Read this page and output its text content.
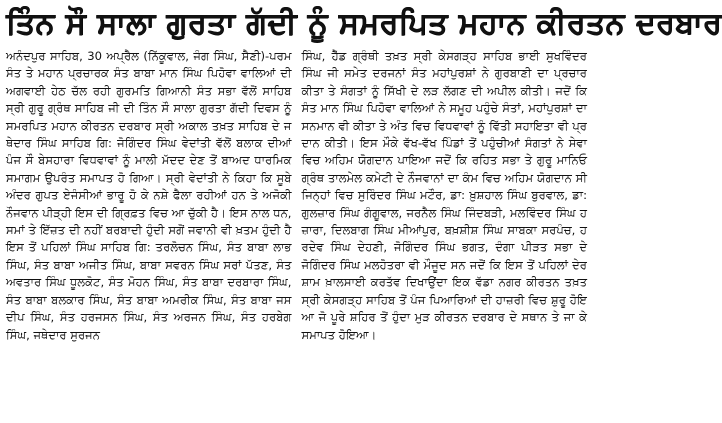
ਤਿੰਨ ਸੌ ਸਾਲਾ ਗੁਰਤਾ ਗੱਦੀ ਨੂੰ ਸਮਰਪਿਤ ਮਹਾਨ ਕੀਰਤਨ ਦਰਬਾਰ

ਅਨੰਦਪੁਰ ਸਾਹਿਬ, 30 ਅਪ੍ਰੈਲ (ਨਿੱਕੂਵਾਲ, ਜੰਗ ਸਿੰਘ, ਸੈਣੀ)-ਪਰਮ ਸੰਤ ਤੇ ਮਹਾਨ ਪ੍ਰਚਾਰਕ ਸੰਤ ਬਾਬਾ ਮਾਨ ਸਿੰਘ ਪਿਹੋਵਾ ਵਾਲਿਆਂ ਦੀ ਅਗਵਾਈ ਹੇਠ ਚੱਲ ਰਹੀ ਗੁਰਮਤਿ ਗਿਆਨੀ ਸੰਤ ਸਭਾ ਵੱਲੋਂ ਸਾਹਿਬ ਸ੍ਰੀ ਗੁਰੂ ਗ੍ਰੰਥ ਸਾਹਿਬ ਜੀ ਦੀ ਤਿੰਨ ਸੌ ਸਾਲਾ ਗੁਰਤਾ ਗੱਦੀ ਦਿਵਸ ਨੂੰ ਸਮਰਪਿਤ ਮਹਾਨ ਕੀਰਤਨ ਦਰਬਾਰ ਸ੍ਰੀ ਅਕਾਲ ਤਖ਼ਤ ਸਾਹਿਬ ਦੇ ਜਥੇਦਾਰ ਸਿੰਘ ਸਾਹਿਬ ਗਿ: ਜੋਗਿੰਦਰ ਸਿੰਘ ਵੇਦਾਂਤੀ ਵੱਲੋਂ ਬਲਾਕ ਦੀਆਂ ਪੰਜ ਸੌ ਬੇਸਹਾਰਾ ਵਿਧਵਾਵਾਂ ਨੂੰ ਮਾਲੀ ਮੱਦਦ ਦੇਣ ਤੋਂ ਬਾਅਦ ਧਾਰਮਿਕ ਸਮਾਗਮ ਉਪਰੰਤ ਸਮਾਪਤ ਹੋ ਗਿਆ। ਸ੍ਰੀ ਵੇਦਾਂਤੀ ਨੇ ਕਿਹਾ ਕਿ ਸੂਬੇ ਅੰਦਰ ਗੁਪਤ ਏਜੰਸੀਆਂ ਭਾਰੂ ਹੋ ਕੇ ਨਸ਼ੇ ਫੈਲਾ ਰਹੀਆਂ ਹਨ ਤੇ ਅਜੋਕੀ ਨੌਜਵਾਨ ਪੀੜ੍ਹੀ ਇਸ ਦੀ ਗ੍ਰਿਫ਼ਤ ਵਿਚ ਆ ਚੁੱਕੀ ਹੈ। ਇਸ ਨਾਲ ਧਨ, ਸਮਾਂ ਤੇ ਇੱਜ਼ਤ ਦੀ ਨਹੀਂ ਬਰਬਾਦੀ ਹੁੰਦੀ ਸਗੋਂ ਜਵਾਨੀ ਵੀ ਖ਼ਤਮ ਹੁੰਦੀ ਹੈ ਇਸ ਤੋਂ ਪਹਿਲਾਂ ਸਿੰਘ ਸਾਹਿਬ ਗਿ: ਤਰਲੋਚਨ ਸਿੰਘ, ਸੰਤ ਬਾਬਾ ਲਾਭ ਸਿੰਘ, ਸੰਤ ਬਾਬਾ ਅਜੀਤ ਸਿੰਘ, ਬਾਬਾ ਸਵਰਨ ਸਿੰਘ ਸਰਾਂ ਪੱਤਣ, ਸੰਤ ਅਵਤਾਰ ਸਿੰਘ ਧੂਲਕੋਟ, ਸੰਤ ਮੋਹਨ ਸਿੰਘ, ਸੰਤ ਬਾਬਾ ਦਰਬਾਰਾ ਸਿੰਘ, ਸੰਤ ਬਾਬਾ ਬਲਕਾਰ ਸਿੰਘ, ਸੰਤ ਬਾਬਾ ਅਮਰੀਕ ਸਿੰਘ, ਸੰਤ ਬਾਬਾ ਜਸਦੀਪ ਸਿੰਘ, ਸੰਤ ਹਰਜਸਨ ਸਿੰਘ, ਸੰਤ ਅਰਜਨ ਸਿੰਘ, ਸੰਤ ਹਰਬੇਗ ਸਿੰਘ, ਜਥੇਦਾਰ ਸੁਰਜਨ

ਸਿੰਘ, ਹੈੱਡ ਗ੍ਰੰਥੀ ਤਖ਼ਤ ਸ੍ਰੀ ਕੇਸਗੜ੍ਹ ਸਾਹਿਬ ਭਾਈ ਸੁਖਵਿੰਦਰ ਸਿੰਘ ਜੀ ਸਮੇਤ ਦਰਜਨਾਂ ਸੰਤ ਮਹਾਂਪੁਰਸ਼ਾਂ ਨੇ ਗੁਰਬਾਣੀ ਦਾ ਪ੍ਰਚਾਰ ਕੀਤਾ ਤੇ ਸੰਗਤਾਂ ਨੂੰ ਸਿੱਖੀ ਦੇ ਲੜ ਲੱਗਣ ਦੀ ਅਪੀਲ ਕੀਤੀ। ਜਦੋਂ ਕਿ ਸੰਤ ਮਾਨ ਸਿੰਘ ਪਿਹੋਵਾ ਵਾਲਿਆਂ ਨੇ ਸਮੂਹ ਪਹੁੰਚੇ ਸੰਤਾਂ, ਮਹਾਂਪੁਰਸ਼ਾਂ ਦਾ ਸਨਮਾਨ ਵੀ ਕੀਤਾ ਤੇ ਅੰਤ ਵਿਚ ਵਿਧਵਾਵਾਂ ਨੂੰ ਵਿੱਤੀ ਸਹਾਇਤਾ ਵੀ ਪ੍ਰਦਾਨ ਕੀਤੀ। ਇਸ ਮੌਕੇ ਵੱਖ-ਵੱਖ ਪਿੰਡਾਂ ਤੋਂ ਪਹੁੰਚੀਆਂ ਸੰਗਤਾਂ ਨੇ ਸੇਵਾ ਵਿਚ ਅਹਿਮ ਯੋਗਦਾਨ ਪਾਇਆ ਜਦੋਂ ਕਿ ਰਹਿਤ ਸਭਾ ਤੇ ਗੁਰੂ ਮਾਨਿਓ ਗ੍ਰੰਥ ਤਾਲਮੇਲ ਕਮੇਟੀ ਦੇ ਨੌਜਵਾਨਾਂ ਦਾ ਕੰਮ ਵਿਚ ਅਹਿਮ ਯੋਗਦਾਨ ਸੀ ਜਿਨ੍ਹਾਂ ਵਿਚ ਸੁਰਿੰਦਰ ਸਿੰਘ ਮਟੌਰ, ਡਾ: ਖ਼ੁਸ਼ਹਾਲ ਸਿੰਘ ਬੁਰਵਾਲ, ਡਾ: ਗੁਲਜ਼ਾਰ ਸਿੰਘ ਗੰਗੂਵਾਲ, ਜਰਨੈਲ ਸਿੰਘ ਜਿੰਦਬੜੀ, ਮਲਵਿੰਦਰ ਸਿੰਘ ਹਜ਼ਾਰਾ, ਦਿਲਬਾਗ ਸਿੰਘ ਮੀਆਂਪੁਰ, ਬਖ਼ਸ਼ੀਸ਼ ਸਿੰਘ ਸਾਬਕਾ ਸਰਪੰਚ, ਹਰਦੇਵ ਸਿੰਘ ਦੇਹਣੀ, ਜੋਗਿੰਦਰ ਸਿੰਘ ਭਗਤ, ਦੰਗਾ ਪੀੜਤ ਸਭਾ ਦੇ ਜੋਗਿੰਦਰ ਸਿੰਘ ਮਲਹੋਤਰਾ ਵੀ ਮੌਜੂਦ ਸਨ ਜਦੋਂ ਕਿ ਇਸ ਤੋਂ ਪਹਿਲਾਂ ਦੇਰ ਸ਼ਾਮ ਖ਼ਾਲਸਾਈ ਕਰਤੱਵ ਦਿਖਾਉਂਦਾ ਇਕ ਵੱਡਾ ਨਗਰ ਕੀਰਤਨ ਤਖ਼ਤ ਸ੍ਰੀ ਕੇਸਗੜ੍ਹ ਸਾਹਿਬ ਤੋਂ ਪੰਜ ਪਿਆਰਿਆਂ ਦੀ ਹਾਜ਼ਰੀ ਵਿਚ ਸ਼ੁਰੂ ਹੋਇਆ ਜੋ ਪੂਰੇ ਸ਼ਹਿਰ ਤੋਂ ਹੁੰਦਾ ਮੁੜ ਕੀਰਤਨ ਦਰਬਾਰ ਦੇ ਸਥਾਨ ਤੇ ਜਾ ਕੇ ਸਮਾਪਤ ਹੋਇਆ।
